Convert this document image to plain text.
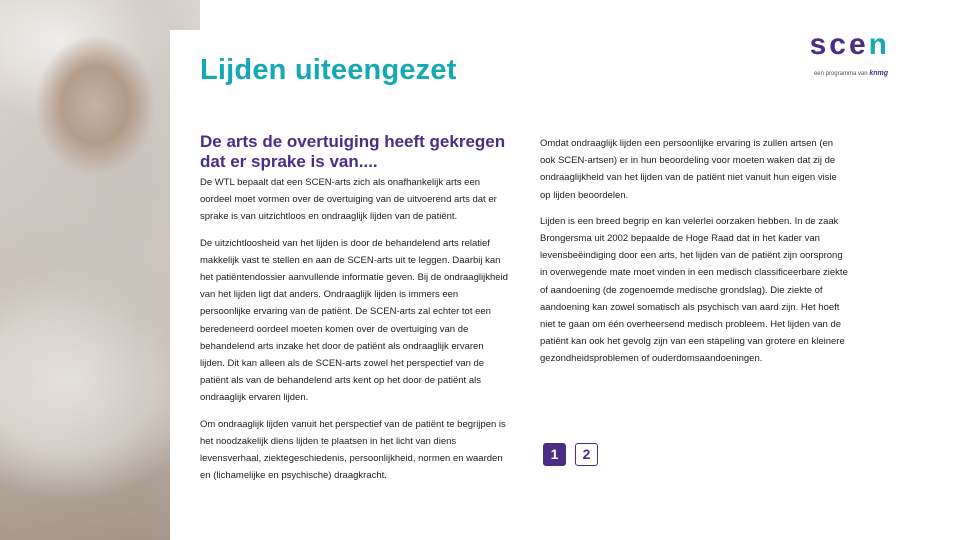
Lijden uiteengezet
scen
een programma van knmg
De arts de overtuiging heeft gekregen dat er sprake is van....

De WTL bepaalt dat een SCEN-arts zich als onafhankelijk arts een oordeel moet vormen over de overtuiging van de uitvoerend arts dat er sprake is van uitzichtloos en ondraaglijk lijden van de patiënt.

De uitzichtloosheid van het lijden is door de behandelend arts relatief makkelijk vast te stellen en aan de SCEN-arts uit te leggen. Daarbij kan het patiëntendossier aanvullende informatie geven. Bij de ondraaglijkheid van het lijden ligt dat anders. Ondraaglijk lijden is immers een persoonlijke ervaring van de patiënt. De SCEN-arts zal echter tot een beredeneerd oordeel moeten komen over de overtuiging van de behandelend arts inzake het door de patiënt als ondraaglijk ervaren lijden. Dit kan alleen als de SCEN-arts zowel het perspectief van de patiënt als van de behandelend arts kent op het door de patiënt als ondraaglijk ervaren lijden.

Om ondraaglijk lijden vanuit het perspectief van de patiënt te begrijpen is het noodzakelijk diens lijden te plaatsen in het licht van diens levensverhaal, ziektegeschiedenis, persoonlijkheid, normen en waarden en (lichamelijke en psychische) draagkracht.

Omdat ondraaglijk lijden een persoonlijke ervaring is zullen artsen (en ook SCEN-artsen) er in hun beoordeling voor moeten waken dat zij de ondraaglijkheid van het lijden van de patiënt niet vanuit hun eigen visie op lijden beoordelen.

Lijden is een breed begrip en kan velerlei oorzaken hebben. In de zaak Brongersma uit 2002 bepaalde de Hoge Raad dat in het kader van levensbeëindiging door een arts, het lijden van de patiënt zijn oorsprong in overwegende mate moet vinden in een medisch classificeerbare ziekte of aandoening (de zogenoemde medische grondslag). Die ziekte of aandoening kan zowel somatisch als psychisch van aard zijn. Het hoeft niet te gaan om één overheersend medisch probleem. Het lijden van de patiënt kan ook het gevolg zijn van een stapeling van grotere en kleinere gezondheidsproblemen of ouderdomsaandoeningen.

1	2
